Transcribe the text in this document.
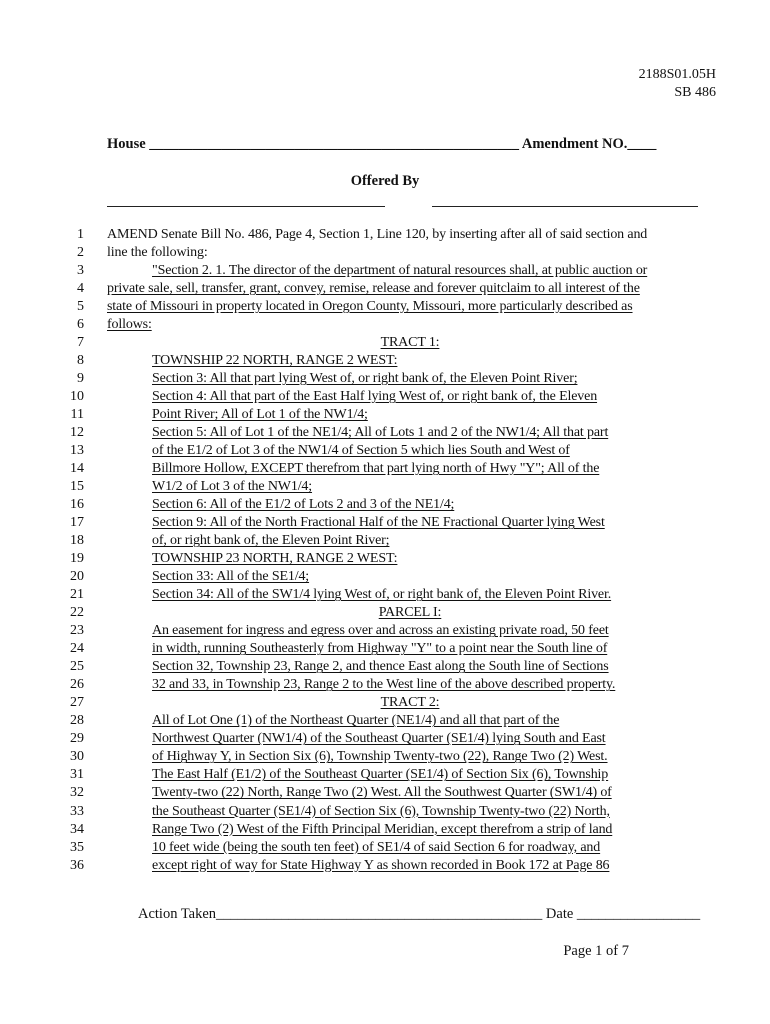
2188S01.05H
SB 486
House ___________________________________________________ Amendment NO.____
Offered By
1 AMEND Senate Bill No. 486, Page 4, Section 1, Line 120, by inserting after all of said section and
2 line the following:
3	"Section 2. 1. The director of the department of natural resources shall, at public auction or
4 private sale, sell, transfer, grant, convey, remise, release and forever quitclaim to all interest of the
5 state of Missouri in property located in Oregon County, Missouri, more particularly described as
6 follows:
7	TRACT 1:
8	TOWNSHIP 22 NORTH, RANGE 2 WEST:
9	Section 3: All that part lying West of, or right bank of, the Eleven Point River;
10	Section 4: All that part of the East Half lying West of, or right bank of, the Eleven
11	Point River; All of Lot 1 of the NW1/4;
12	Section 5: All of Lot 1 of the NE1/4; All of Lots 1 and 2 of the NW1/4; All that part
13	of the E1/2 of Lot 3 of the NW1/4 of Section 5 which lies South and West of
14	Billmore Hollow, EXCEPT therefrom that part lying north of Hwy "Y"; All of the
15	W1/2 of Lot 3 of the NW1/4;
16	Section 6: All of the E1/2 of Lots 2 and 3 of the NE1/4;
17	Section 9: All of the North Fractional Half of the NE Fractional Quarter lying West
18	of, or right bank of, the Eleven Point River;
19	TOWNSHIP 23 NORTH, RANGE 2 WEST:
20	Section 33: All of the SE1/4;
21	Section 34: All of the SW1/4 lying West of, or right bank of, the Eleven Point River.
22	PARCEL I:
23	An easement for ingress and egress over and across an existing private road, 50 feet
24	in width, running Southeasterly from Highway "Y" to a point near the South line of
25	Section 32, Township 23, Range 2, and thence East along the South line of Sections
26	32 and 33, in Township 23, Range 2 to the West line of the above described property.
27	TRACT 2:
28	All of Lot One (1) of the Northeast Quarter (NE1/4) and all that part of the
29	Northwest Quarter (NW1/4) of the Southeast Quarter (SE1/4) lying South and East
30	of Highway Y, in Section Six (6), Township Twenty-two (22), Range Two (2) West.
31	The East Half (E1/2) of the Southeast Quarter (SE1/4) of Section Six (6), Township
32	Twenty-two (22) North, Range Two (2) West. All the Southwest Quarter (SW1/4) of
33	the Southeast Quarter (SE1/4) of Section Six (6), Township Twenty-two (22) North,
34	Range Two (2) West of the Fifth Principal Meridian, except therefrom a strip of land
35	10 feet wide (being the south ten feet) of SE1/4 of said Section 6 for roadway, and
36	except right of way for State Highway Y as shown recorded in Book 172 at Page 86
Action Taken_____________________________________________ Date _________________
Page 1 of 7
